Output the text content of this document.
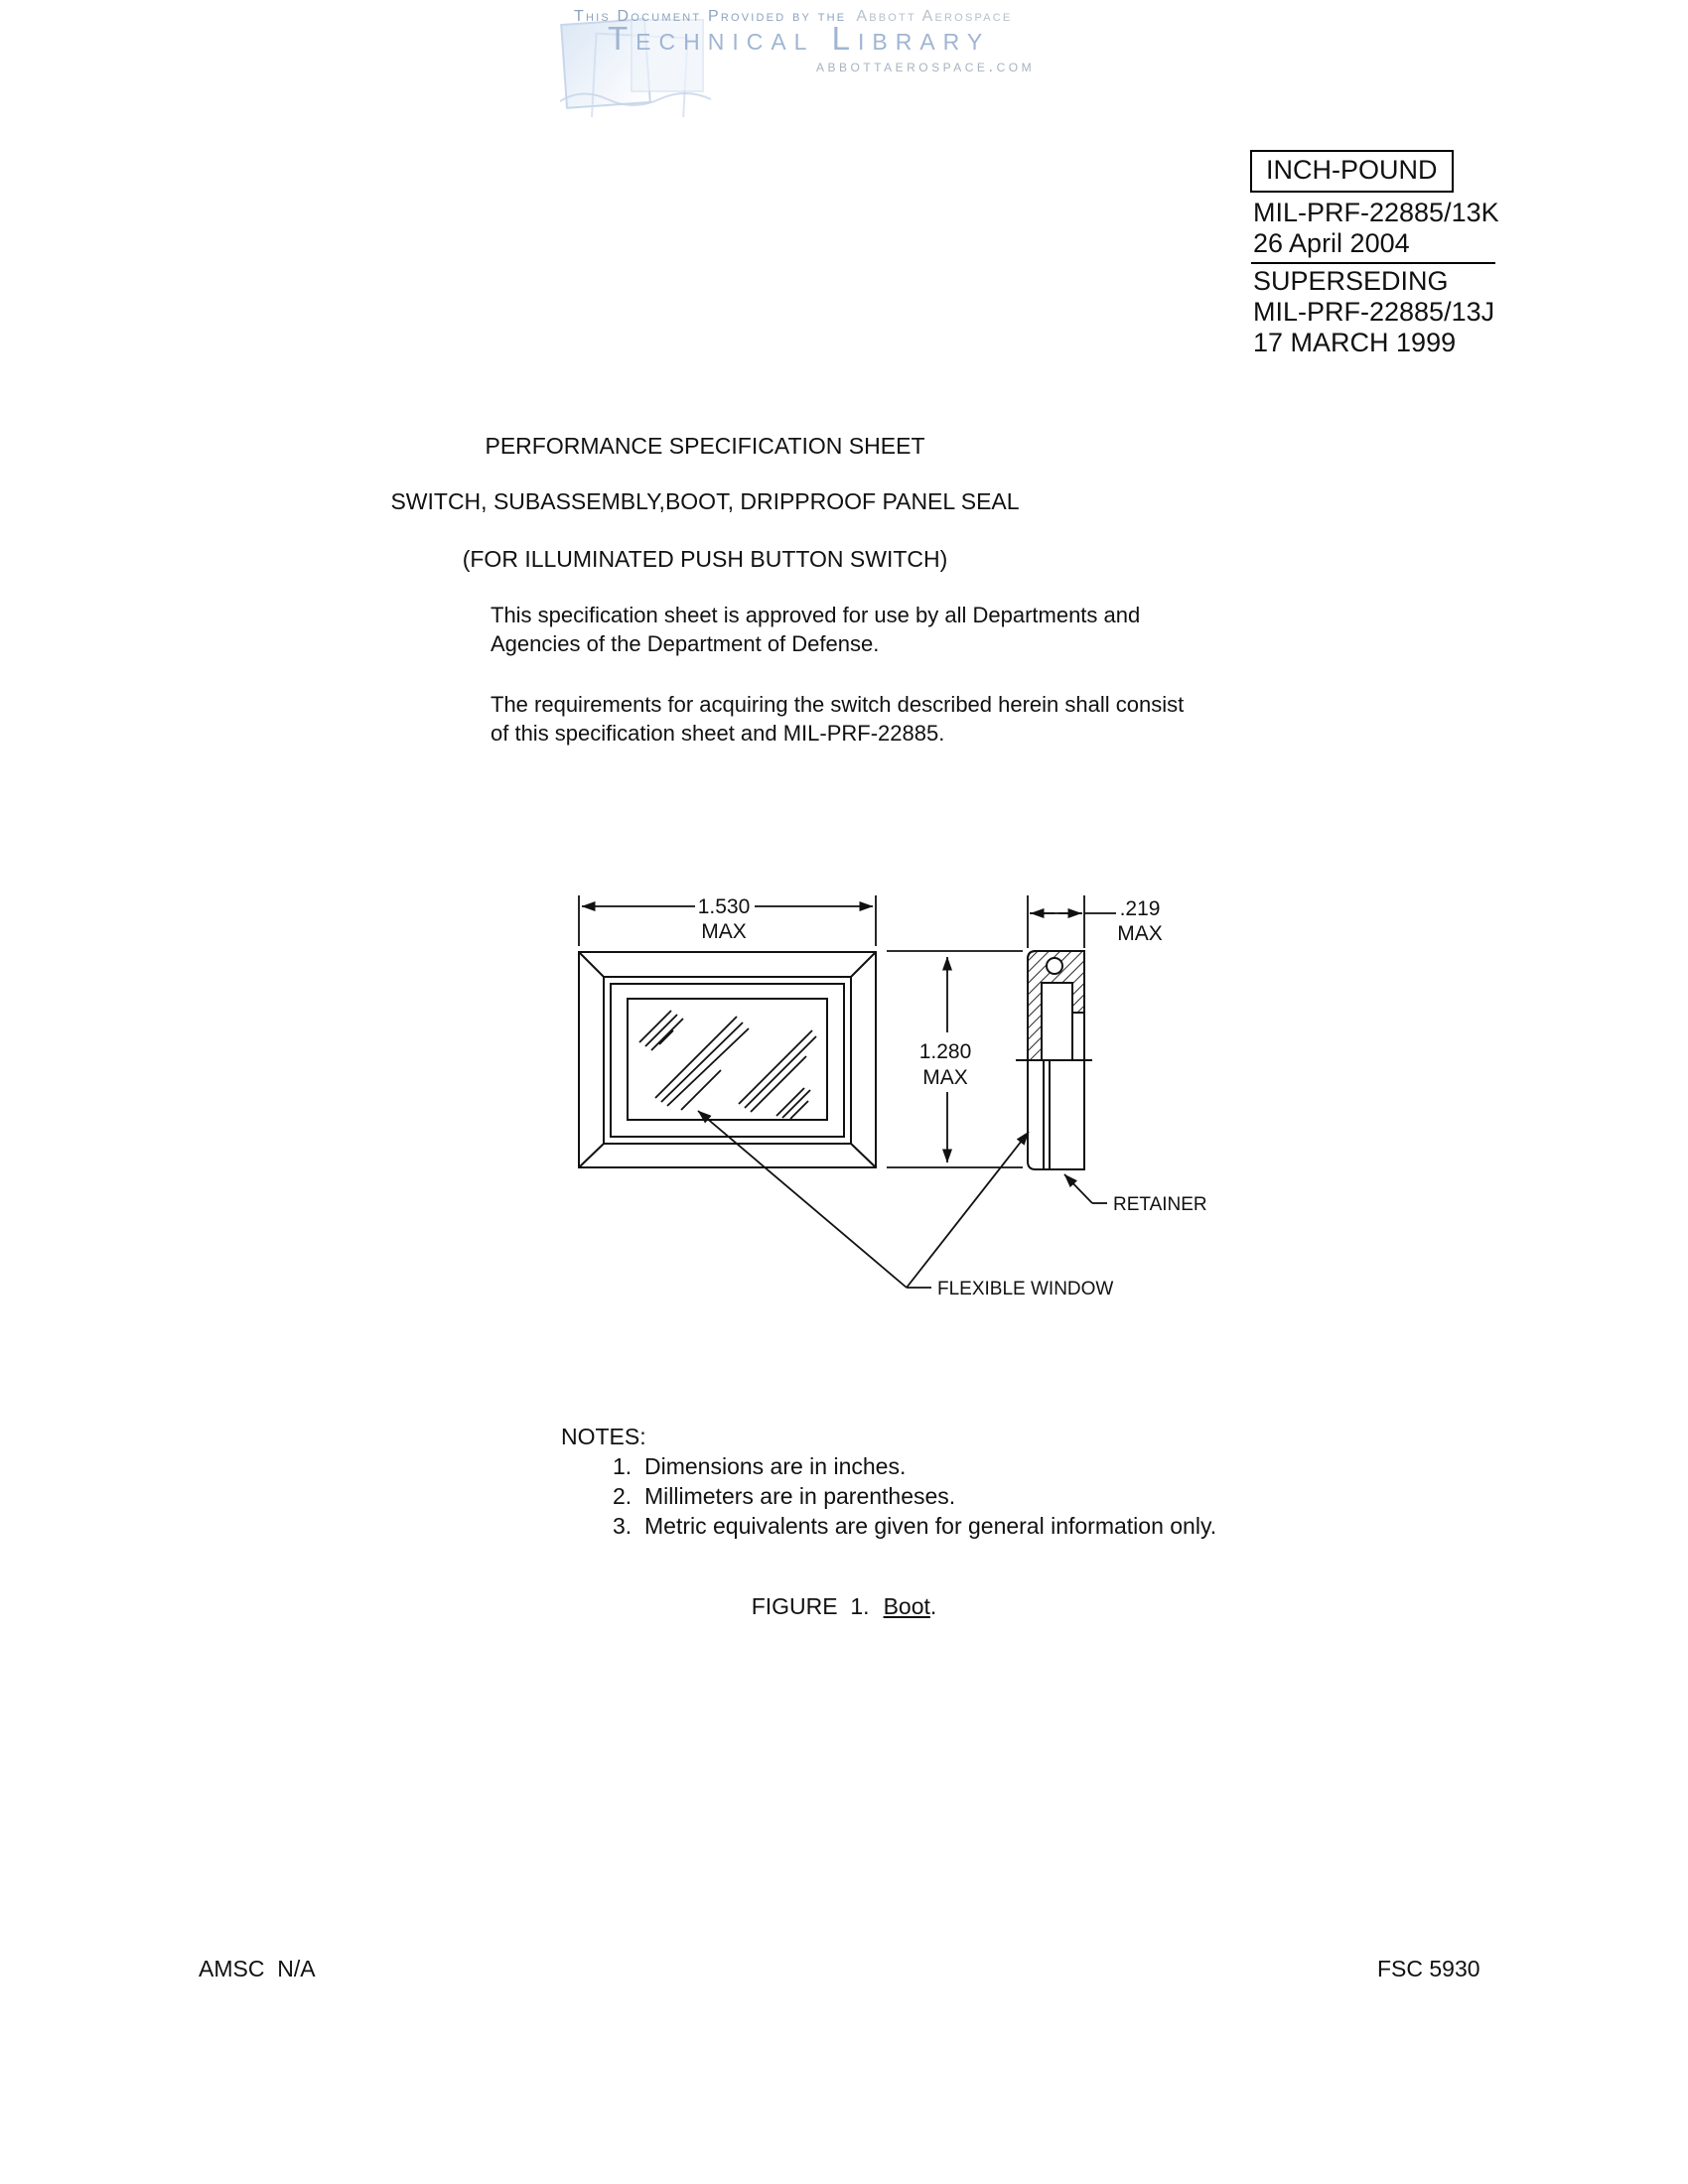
This Document Provided by the Abbott Aerospace
Technical Library
abbottaerospace.com
INCH-POUND
MIL-PRF-22885/13K
26 April 2004
SUPERSEDING
MIL-PRF-22885/13J
17 MARCH 1999
PERFORMANCE SPECIFICATION SHEET
SWITCH, SUBASSEMBLY,BOOT, DRIPPROOF PANEL SEAL
(FOR ILLUMINATED PUSH BUTTON SWITCH)
This specification sheet is approved for use by all Departments and Agencies of the Department of Defense.
The requirements for acquiring the switch described herein shall consist of this specification sheet and MIL-PRF-22885.
1.530
MAX
.219
MAX
1.280
MAX
RETAINER
FLEXIBLE WINDOW
NOTES:
1. Dimensions are in inches.
2. Millimeters are in parentheses.
3. Metric equivalents are given for general information only.
FIGURE  1. Boot.
AMSC  N/A	FSC 5930
